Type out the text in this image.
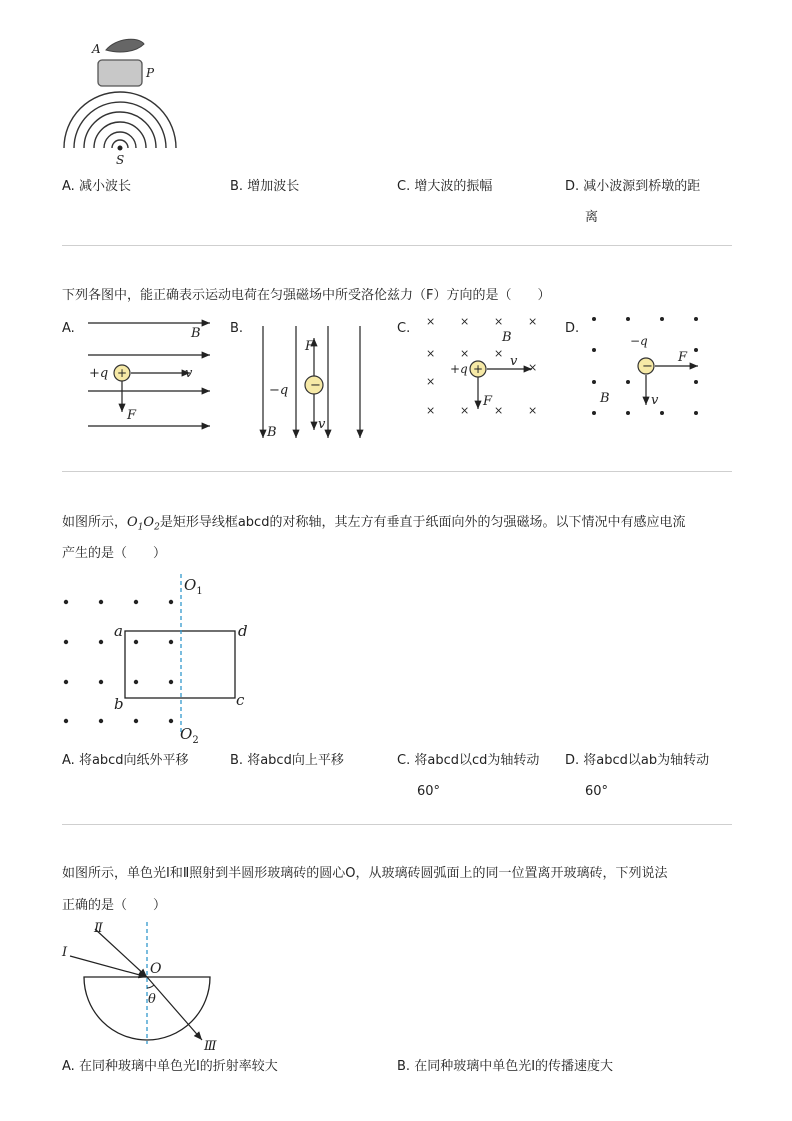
A
P
S
A. 减小波长	B. 增加波长	C. 增大波的振幅	D. 减小波源到桥墩的距
离
下列各图中，能正确表示运动电荷在匀强磁场中所受洛伦兹力（F）方向的是（　　）
A.	B.	C.	D.
+
B
+q	v
F
−
B
−q
v
F
× × × ×
× × ×
×
×
× × × ×
+
B
+q	v
F
−
B
−q
F
v
如图所示，$O_1O_2$是矩形导线框abcd的对称轴，其左方有垂直于纸面向外的匀强磁场。以下情况中有感应电流
产生的是（　　）
$O_1$
$O_2$
a
b	c
d
A. 将abcd向纸外平移	B. 将abcd向上平移	C. 将abcd以cd为轴转动
60°
D. 将abcd以ab为轴转动
60°
如图所示，单色光Ⅰ和Ⅱ照射到半圆形玻璃砖的圆心O，从玻璃砖圆弧面上的同一位置离开玻璃砖，下列说法
正确的是（　　）
Ⅱ
Ⅰ
Ⅲ
O
θ
A. 在同种玻璃中单色光Ⅰ的折射率较大	B. 在同种玻璃中单色光Ⅰ的传播速度大
